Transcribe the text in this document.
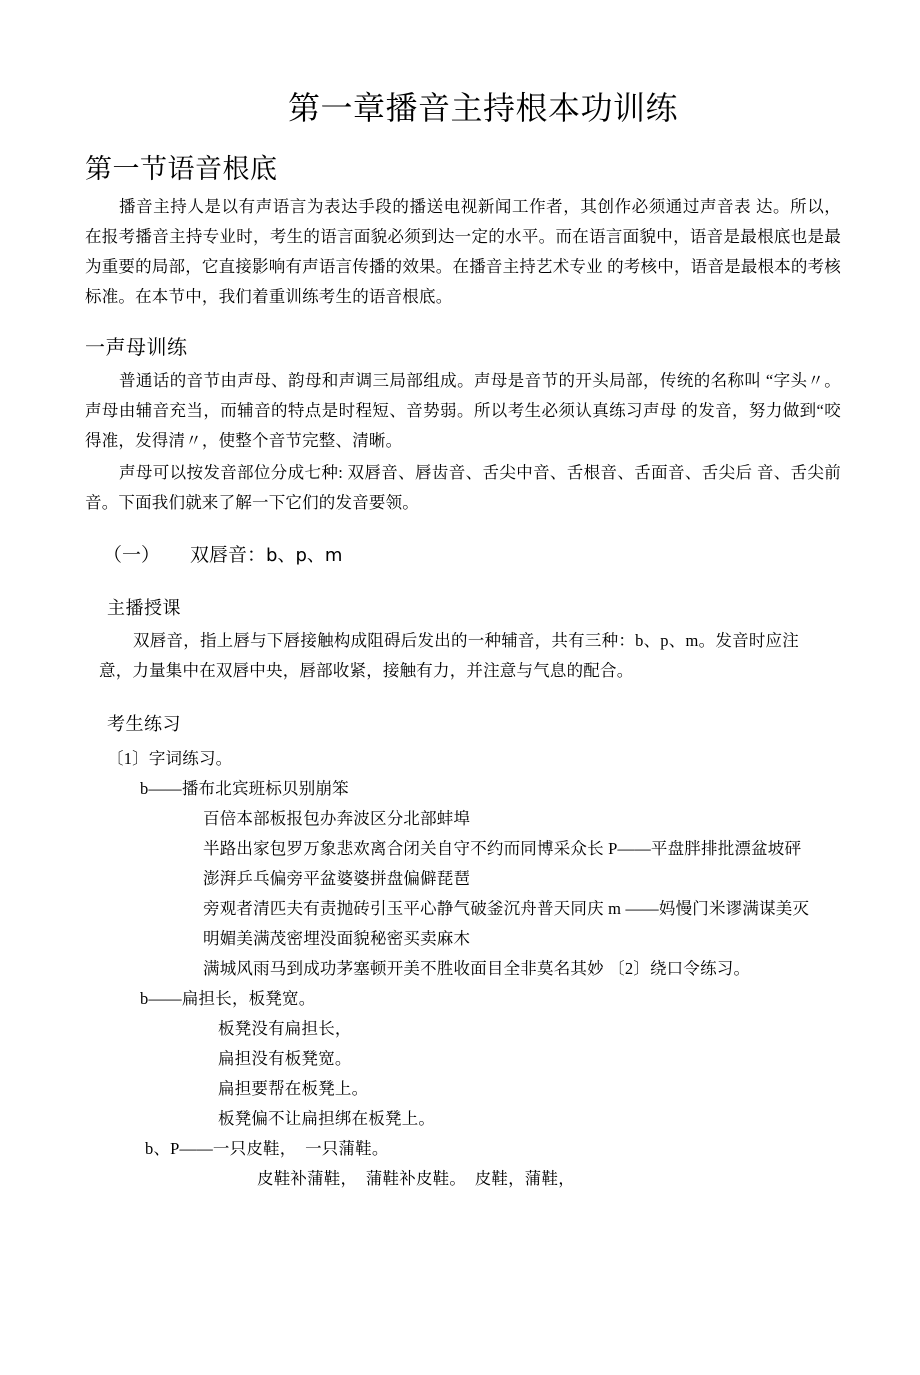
第一章播音主持根本功训练
第一节语音根底

播音主持人是以有声语言为表达手段的播送电视新闻工作者，其创作必须通过声音表 达。所以，在报考播音主持专业时，考生的语言面貌必须到达一定的水平。而在语言面貌中，语音是最根底也是最为重要的局部，它直接影响有声语言传播的效果。在播音主持艺术专业 的考核中，语音是最根本的考核标准。在本节中，我们着重训练考生的语音根底。

一声母训练

普通话的音节由声母、韵母和声调三局部组成。声母是音节的开头局部，传统的名称叫 “字头〃。声母由辅音充当，而辅音的特点是时程短、音势弱。所以考生必须认真练习声母 的发音，努力做到“咬得准，发得清〃，使整个音节完整、清晰。

声母可以按发音部位分成七种: 双唇音、唇齿音、舌尖中音、舌根音、舌面音、舌尖后 音、舌尖前音。下面我们就来了解一下它们的发音要领。

（一） 双唇音：b、p、m
主播授课

双唇音，指上唇与下唇接触构成阻碍后发出的一种辅音，共有三种：b、p、m。发音时应注意，力量集中在双唇中央，唇部收紧，接触有力，并注意与气息的配合。

考生练习
〔1〕字词练习。
b——播布北宾班标贝别崩笨
百倍本部板报包办奔波区分北部蚌埠
半路出家包罗万象悲欢离合闭关自守不约而同博采众长 P——平盘胖排批漂盆坡砰
澎湃乒乓偏旁平盆婆婆拼盘偏僻琵琶
旁观者清匹夫有责抛砖引玉平心静气破釜沉舟普天同庆 m ——妈慢门米谬满谋美灭
明媚美满茂密埋没面貌秘密买卖麻木
满城风雨马到成功茅塞顿开美不胜收面目全非莫名其妙 〔2〕绕口令练习。
b——扁担长，板凳宽。
板凳没有扁担长，
扁担没有板凳宽。
扁担要帮在板凳上。
板凳偏不让扁担绑在板凳上。
b、P——一只皮鞋，  一只蒲鞋。
皮鞋补蒲鞋，  蒲鞋补皮鞋。  皮鞋，蒲鞋，
